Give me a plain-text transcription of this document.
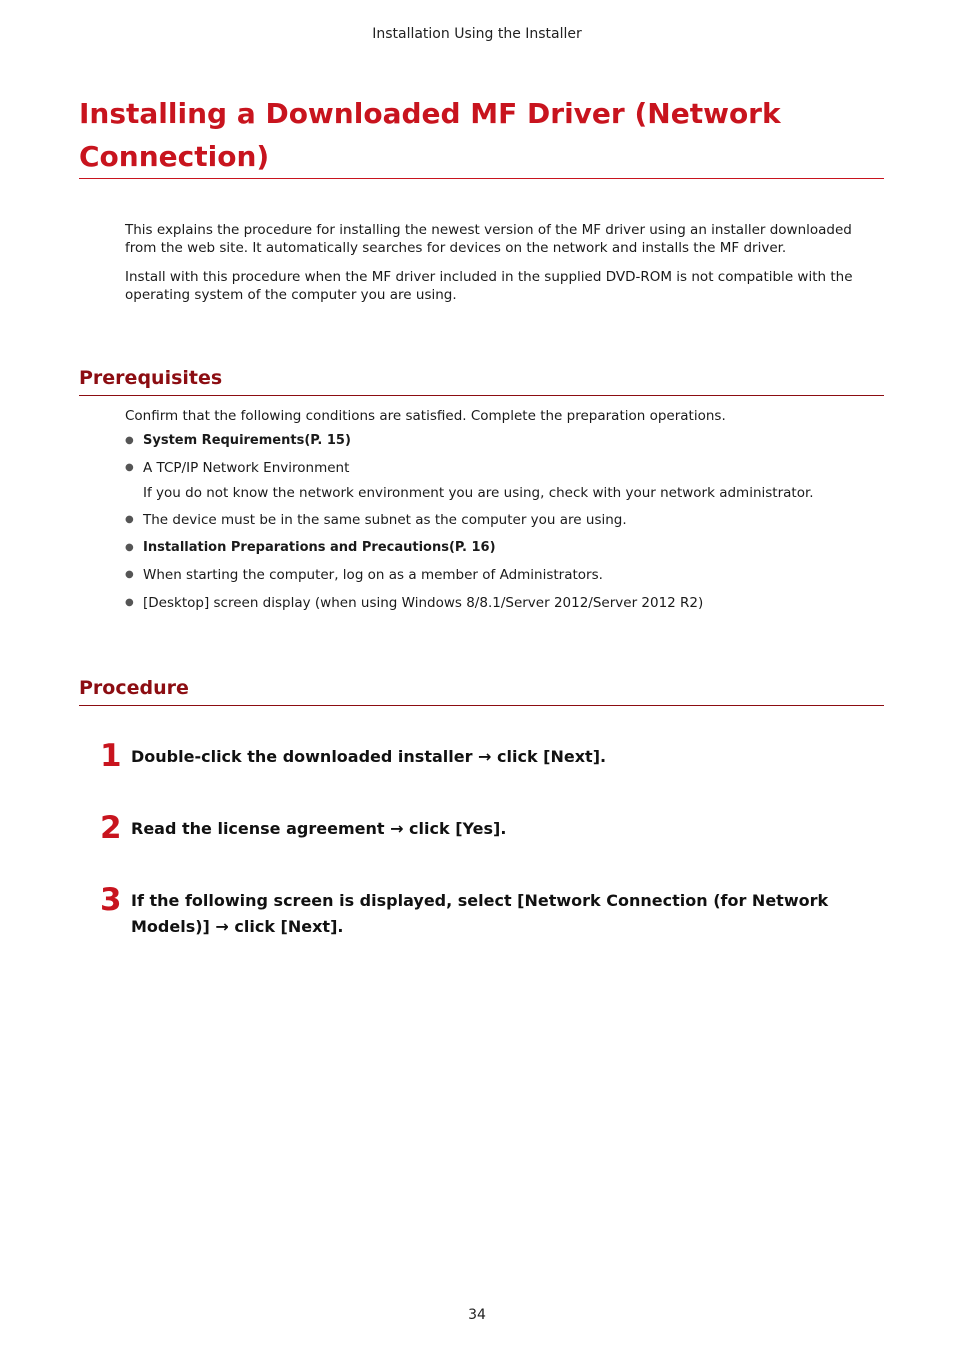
Installation Using the Installer
Installing a Downloaded MF Driver (Network Connection)

This explains the procedure for installing the newest version of the MF driver using an installer downloaded from the web site. It automatically searches for devices on the network and installs the MF driver.

Install with this procedure when the MF driver included in the supplied DVD-ROM is not compatible with the operating system of the computer you are using.

Prerequisites

Confirm that the following conditions are satisfied. Complete the preparation operations.

● System Requirements(P. 15)
● A TCP/IP Network Environment
If you do not know the network environment you are using, check with your network administrator.
● The device must be in the same subnet as the computer you are using.
● Installation Preparations and Precautions(P. 16)
● When starting the computer, log on as a member of Administrators.
● [Desktop] screen display (when using Windows 8/8.1/Server 2012/Server 2012 R2)
Procedure
1 Double-click the downloaded installer → click [Next].
2 Read the license agreement → click [Yes].
3 If the following screen is displayed, select [Network Connection (for Network Models)] → click [Next].
34
